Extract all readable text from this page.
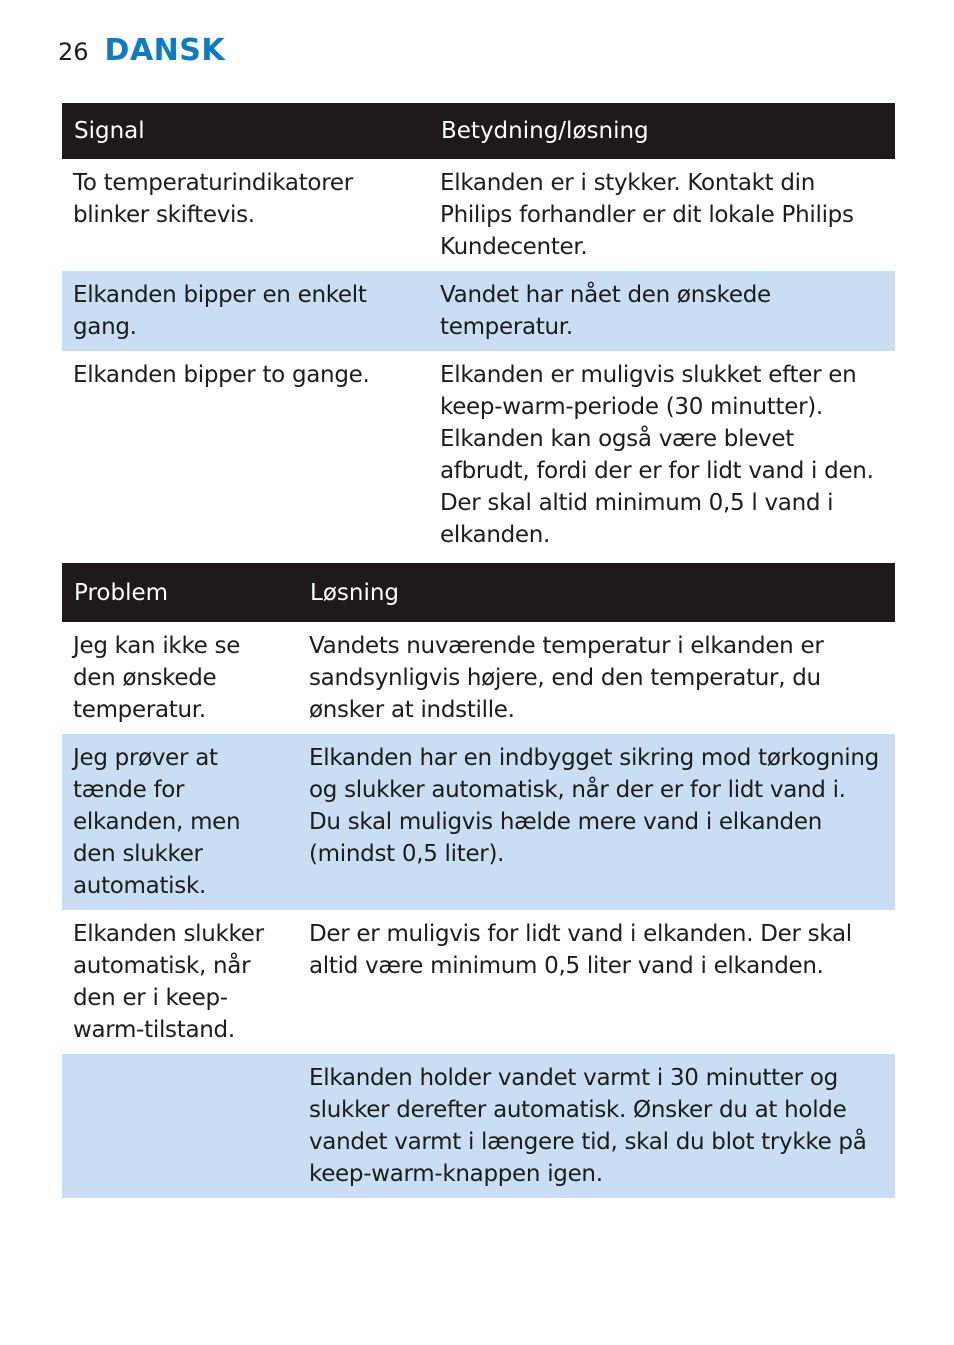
26 DANSK
Signal	Betydning/løsning
To temperaturindikatorer blinker skiftevis.	Elkanden er i stykker. Kontakt din Philips forhandler er dit lokale Philips Kundecenter.
Elkanden bipper en enkelt gang.	Vandet har nået den ønskede temperatur.
Elkanden bipper to gange.	Elkanden er muligvis slukket efter en keep-warm-periode (30 minutter). Elkanden kan også være blevet afbrudt, fordi der er for lidt vand i den. Der skal altid minimum 0,5 l vand i elkanden.
Problem	Løsning
Jeg kan ikke se den ønskede temperatur.	Vandets nuværende temperatur i elkanden er sandsynligvis højere, end den temperatur, du ønsker at indstille.
Jeg prøver at tænde for elkanden, men den slukker automatisk.	Elkanden har en indbygget sikring mod tørkogning og slukker automatisk, når der er for lidt vand i. Du skal muligvis hælde mere vand i elkanden (mindst 0,5 liter).
Elkanden slukker automatisk, når den er i keep-warm-tilstand.	Der er muligvis for lidt vand i elkanden. Der skal altid være minimum 0,5 liter vand i elkanden.
	Elkanden holder vandet varmt i 30 minutter og slukker derefter automatisk. Ønsker du at holde vandet varmt i længere tid, skal du blot trykke på keep-warm-knappen igen.
